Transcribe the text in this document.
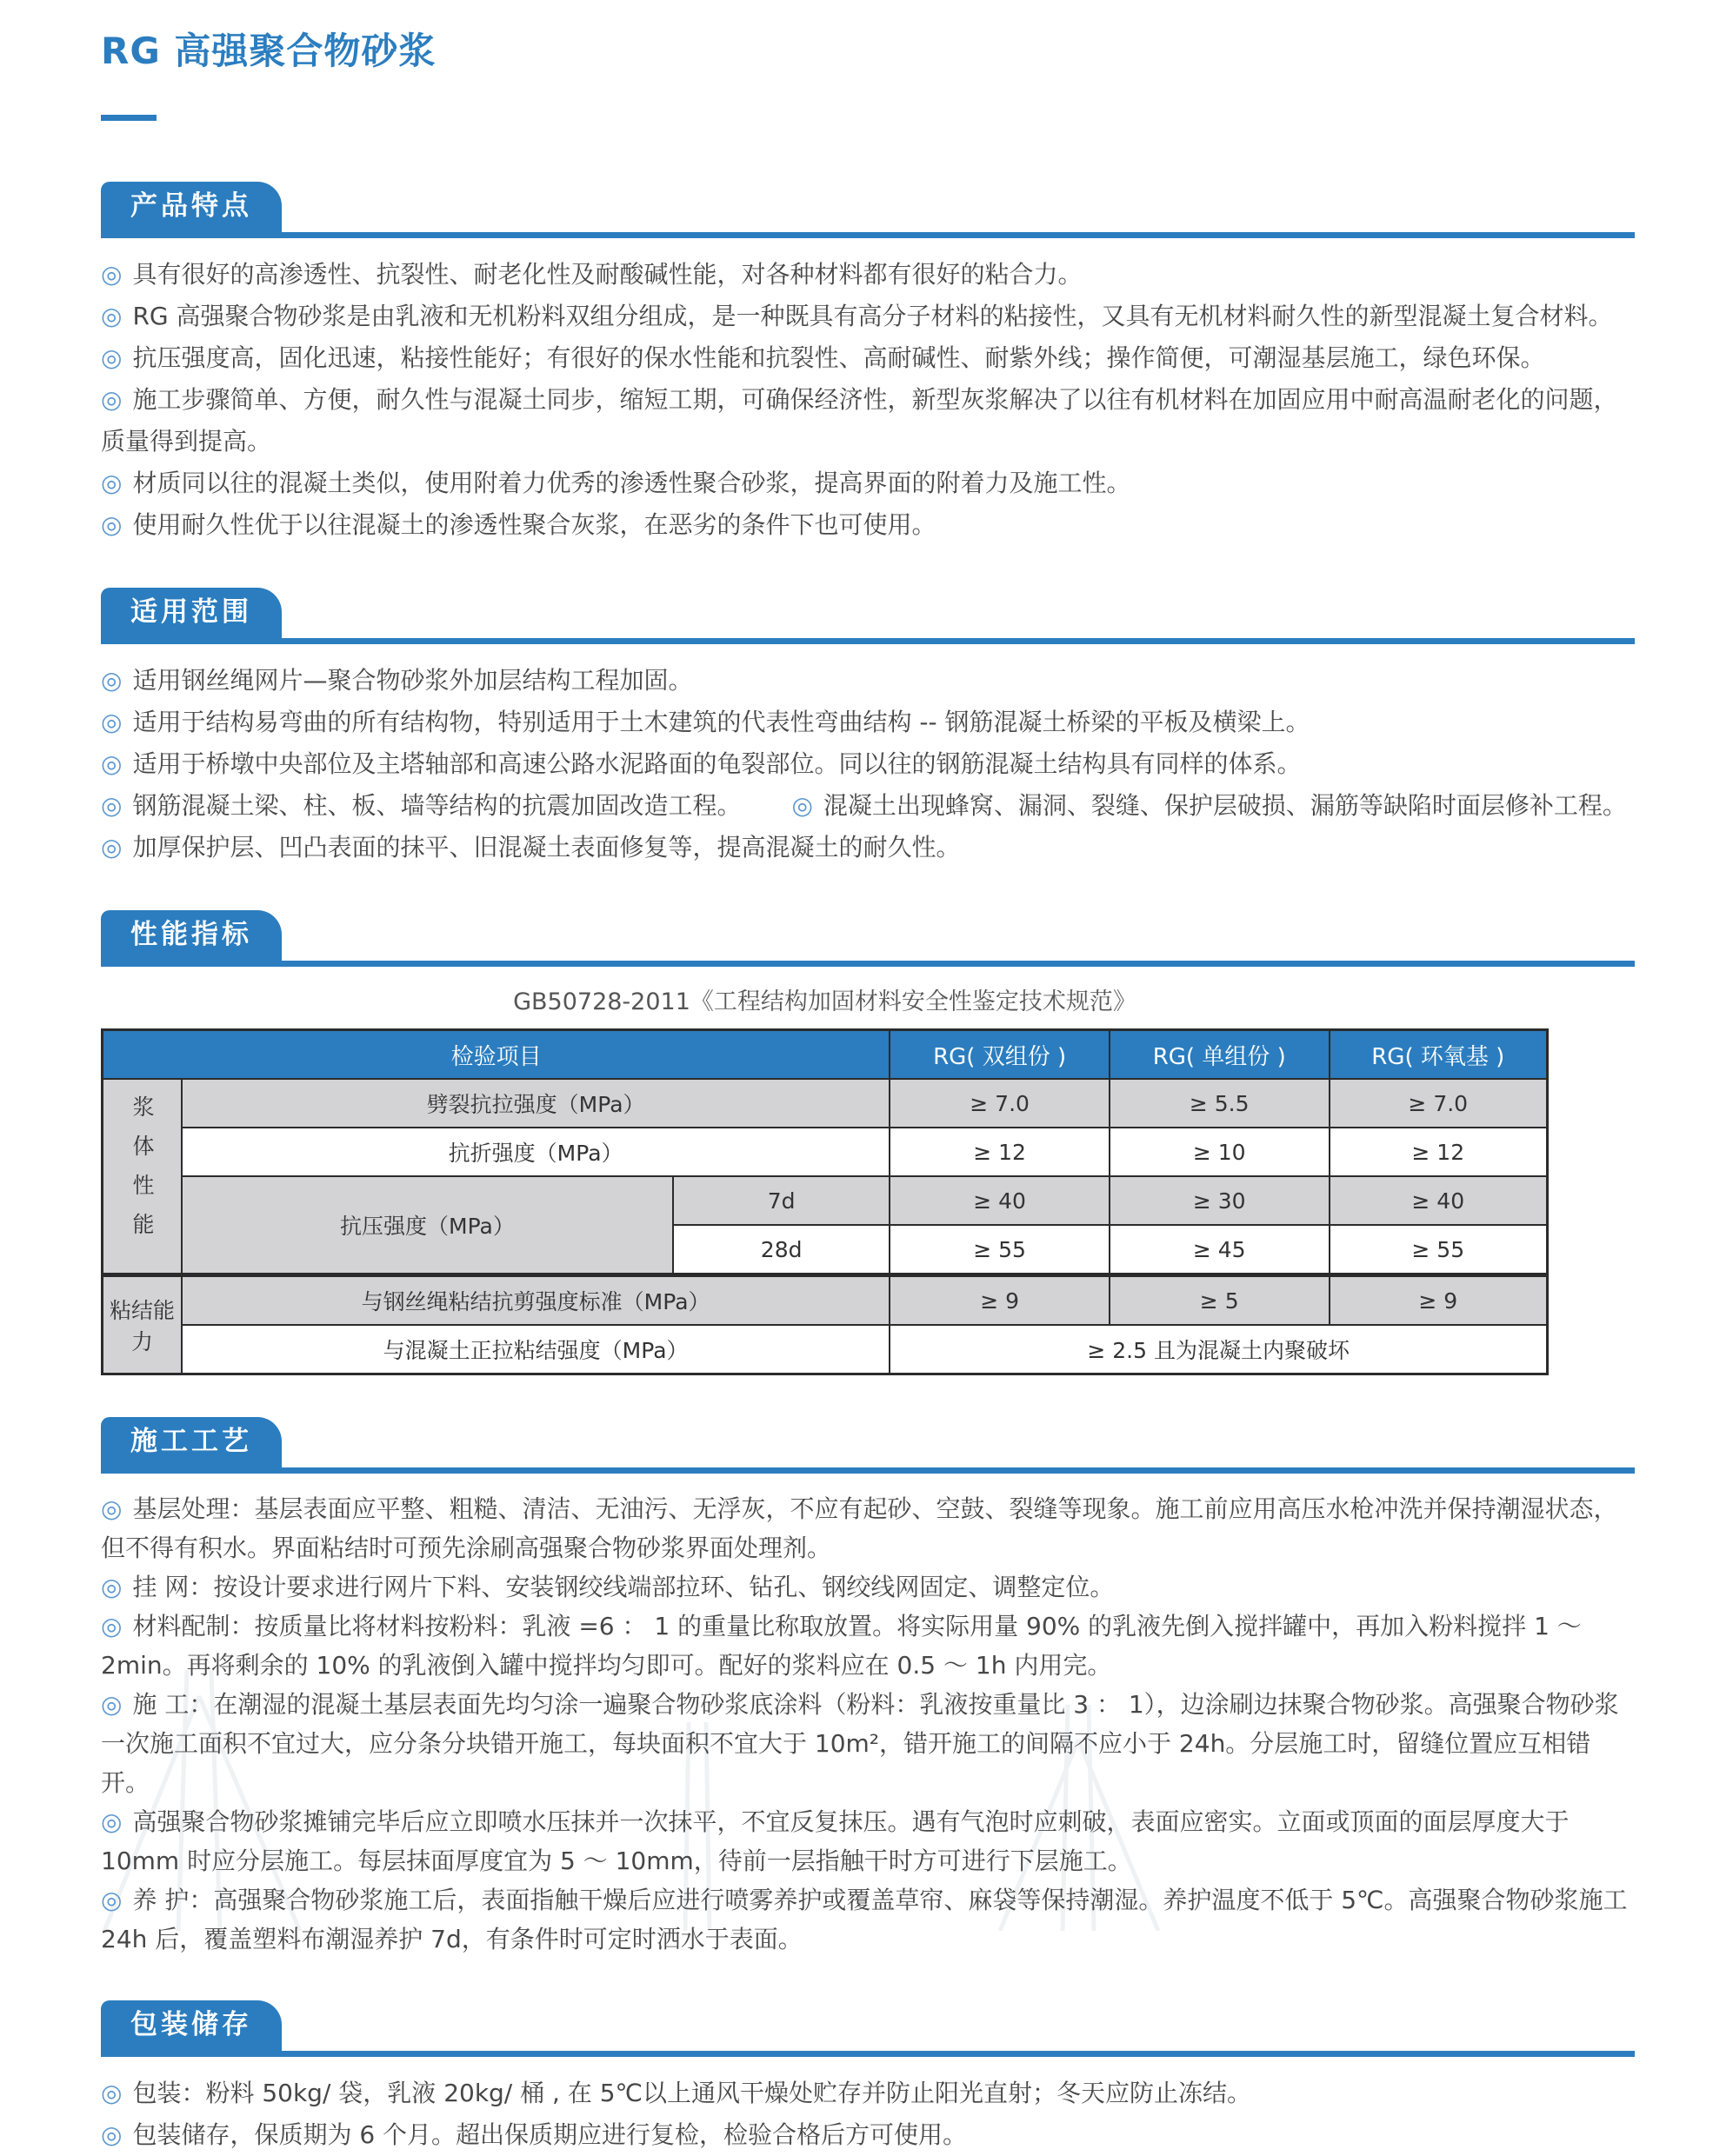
RG 高强聚合物砂浆
产品特点

◎ 具有很好的高渗透性、抗裂性、耐老化性及耐酸碱性能，对各种材料都有很好的粘合力。

◎ RG 高强聚合物砂浆是由乳液和无机粉料双组分组成，是一种既具有高分子材料的粘接性，又具有无机材料耐久性的新型混凝土复合材料。

◎ 抗压强度高，固化迅速，粘接性能好；有很好的保水性能和抗裂性、高耐碱性、耐紫外线；操作简便，可潮湿基层施工，绿色环保。

◎ 施工步骤简单、方便，耐久性与混凝土同步，缩短工期，可确保经济性，新型灰浆解决了以往有机材料在加固应用中耐高温耐老化的问题，质量得到提高。

◎ 材质同以往的混凝土类似，使用附着力优秀的渗透性聚合砂浆，提高界面的附着力及施工性。

◎ 使用耐久性优于以往混凝土的渗透性聚合灰浆，在恶劣的条件下也可使用。

适用范围

◎ 适用钢丝绳网片—聚合物砂浆外加层结构工程加固。

◎ 适用于结构易弯曲的所有结构物，特别适用于土木建筑的代表性弯曲结构 -- 钢筋混凝土桥梁的平板及横梁上。

◎ 适用于桥墩中央部位及主塔轴部和高速公路水泥路面的龟裂部位。同以往的钢筋混凝土结构具有同样的体系。

◎ 钢筋混凝土梁、柱、板、墙等结构的抗震加固改造工程。 ◎ 混凝土出现蜂窝、漏洞、裂缝、保护层破损、漏筋等缺陷时面层修补工程。

◎ 加厚保护层、凹凸表面的抹平、旧混凝土表面修复等，提高混凝土的耐久性。

性能指标
GB50728-2011《工程结构加固材料安全性鉴定技术规范》
检验项目			RG( 双组份 )	RG( 单组份 )	RG( 环氧基 )
浆体性能	劈裂抗拉强度（MPa）		≥ 7.0	≥ 5.5	≥ 7.0
	抗折强度（MPa）		≥ 12	≥ 10	≥ 12
	抗压强度（MPa）	7d	≥ 40	≥ 30	≥ 40
		28d	≥ 55	≥ 45	≥ 55
粘结能力	与钢丝绳粘结抗剪强度标准（MPa）		≥ 9	≥ 5	≥ 9
	与混凝土正拉粘结强度（MPa）		≥ 2.5 且为混凝土内聚破坏		
施工工艺

◎ 基层处理：基层表面应平整、粗糙、清洁、无油污、无浮灰，不应有起砂、空鼓、裂缝等现象。施工前应用高压水枪冲洗并保持潮湿状态，但不得有积水。界面粘结时可预先涂刷高强聚合物砂浆界面处理剂。

◎ 挂 网：按设计要求进行网片下料、安装钢绞线端部拉环、钻孔、钢绞线网固定、调整定位。

◎ 材料配制：按质量比将材料按粉料：乳液 =6 ： 1 的重量比称取放置。将实际用量 90% 的乳液先倒入搅拌罐中，再加入粉料搅拌 1 ～ 2min。再将剩余的 10% 的乳液倒入罐中搅拌均匀即可。配好的浆料应在 0.5 ～ 1h 内用完。

◎ 施 工：在潮湿的混凝土基层表面先均匀涂一遍聚合物砂浆底涂料（粉料：乳液按重量比 3 ： 1），边涂刷边抹聚合物砂浆。高强聚合物砂浆一次施工面积不宜过大，应分条分块错开施工，每块面积不宜大于 10m²，错开施工的间隔不应小于 24h。分层施工时，留缝位置应互相错开。

◎ 高强聚合物砂浆摊铺完毕后应立即喷水压抹并一次抹平，不宜反复抹压。遇有气泡时应刺破，表面应密实。立面或顶面的面层厚度大于 10mm 时应分层施工。每层抹面厚度宜为 5 ～ 10mm，待前一层指触干时方可进行下层施工。

◎ 养 护：高强聚合物砂浆施工后，表面指触干燥后应进行喷雾养护或覆盖草帘、麻袋等保持潮湿。养护温度不低于 5℃。高强聚合物砂浆施工 24h 后，覆盖塑料布潮湿养护 7d，有条件时可定时洒水于表面。

包装储存

◎ 包装：粉料 50kg/ 袋，乳液 20kg/ 桶 , 在 5℃以上通风干燥处贮存并防止阳光直射；冬天应防止冻结。

◎ 包装储存，保质期为 6 个月。超出保质期应进行复检，检验合格后方可使用。
